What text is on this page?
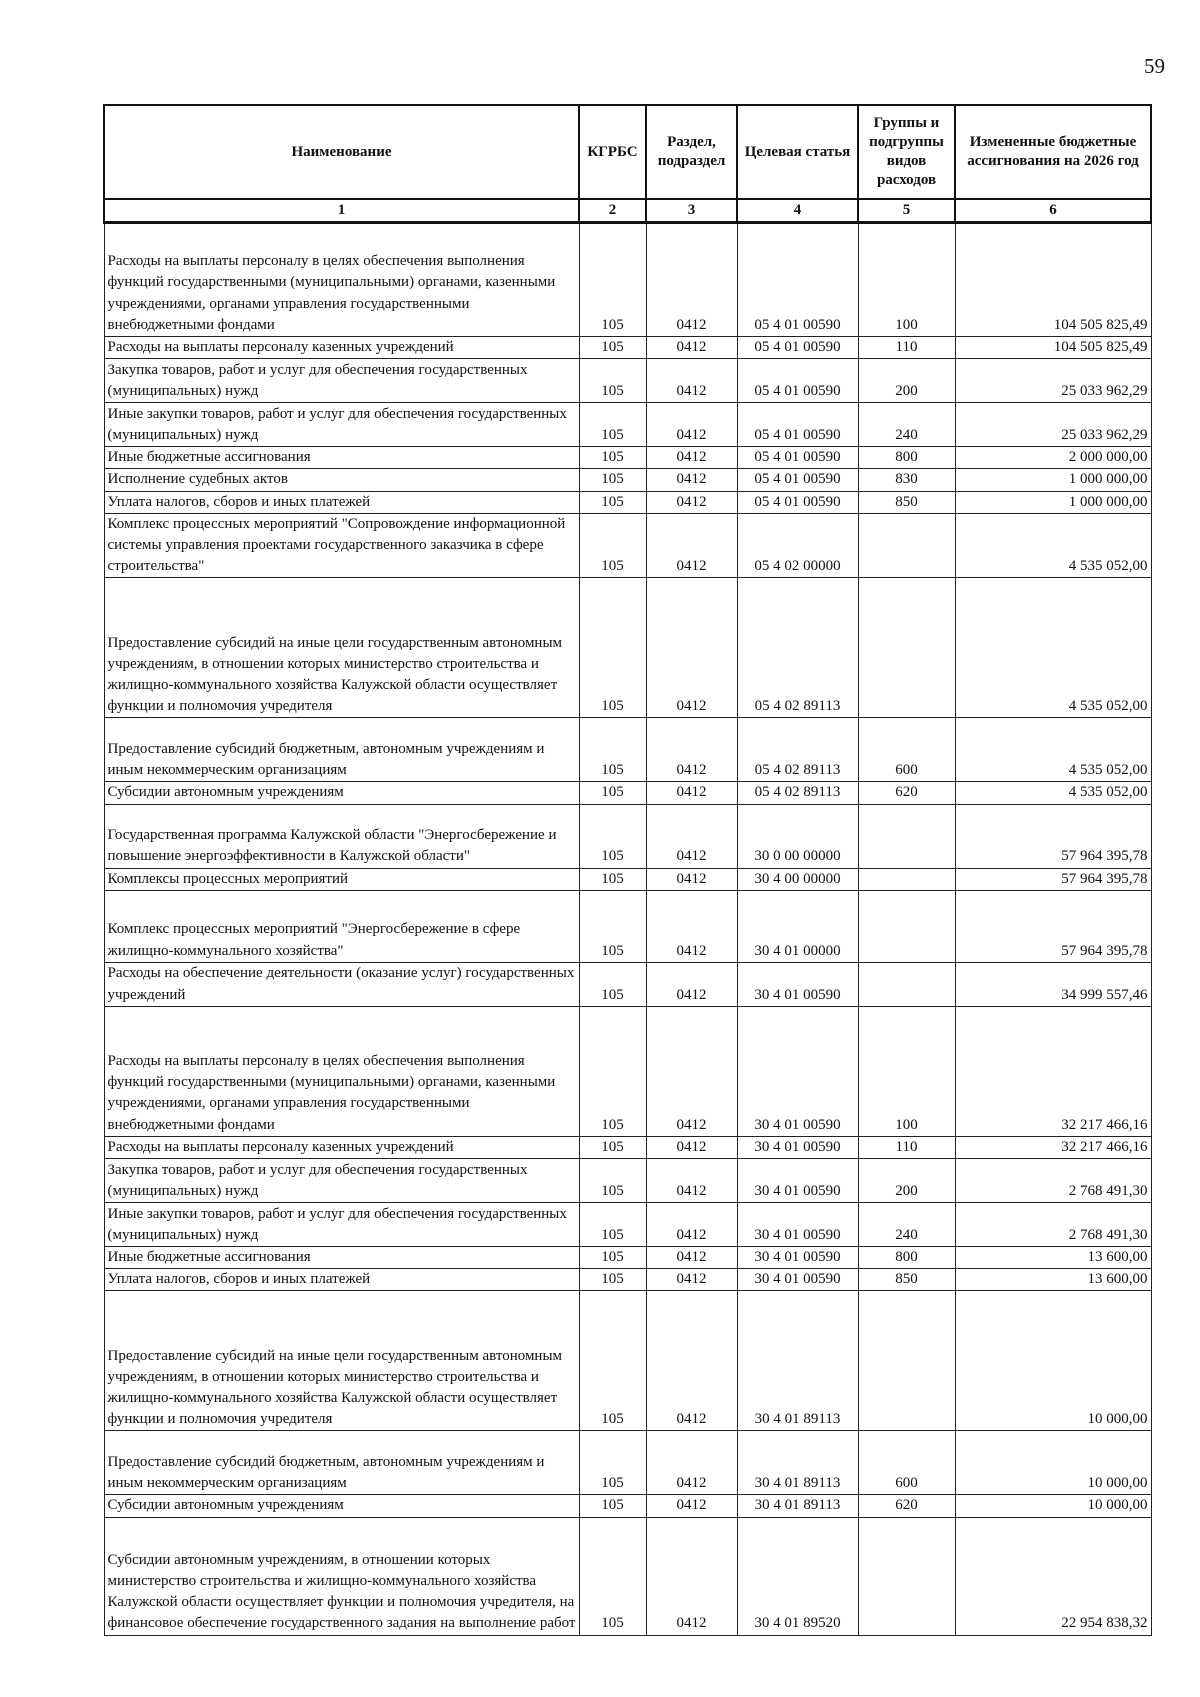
59
Наименование	КГРБС	Раздел, подраздел	Целевая статья	Группы и подгруппы видов расходов	Измененные бюджетные ассигнования на 2026 год
1	2	3	4	5	6
Расходы на выплаты персоналу в целях обеспечения выполнения функций государственными (муниципальными) органами, казенными учреждениями, органами управления государственными внебюджетными фондами	105	0412	05 4 01 00590	100	104 505 825,49
Расходы на выплаты персоналу казенных учреждений	105	0412	05 4 01 00590	110	104 505 825,49
Закупка товаров, работ и услуг для обеспечения государственных (муниципальных) нужд	105	0412	05 4 01 00590	200	25 033 962,29
Иные закупки товаров, работ и услуг для обеспечения государственных (муниципальных) нужд	105	0412	05 4 01 00590	240	25 033 962,29
Иные бюджетные ассигнования	105	0412	05 4 01 00590	800	2 000 000,00
Исполнение судебных актов	105	0412	05 4 01 00590	830	1 000 000,00
Уплата налогов, сборов и иных платежей	105	0412	05 4 01 00590	850	1 000 000,00
Комплекс процессных мероприятий "Сопровождение информационной системы управления проектами государственного заказчика в сфере строительства"	105	0412	05 4 02 00000		4 535 052,00
Предоставление субсидий на иные цели государственным автономным учреждениям, в отношении которых министерство строительства и жилищно-коммунального хозяйства Калужской области осуществляет функции и полномочия учредителя	105	0412	05 4 02 89113		4 535 052,00
Предоставление субсидий бюджетным, автономным учреждениям и иным некоммерческим организациям	105	0412	05 4 02 89113	600	4 535 052,00
Субсидии автономным учреждениям	105	0412	05 4 02 89113	620	4 535 052,00
Государственная программа Калужской области "Энергосбережение и повышение энергоэффективности в Калужской области"	105	0412	30 0 00 00000		57 964 395,78
Комплексы процессных мероприятий	105	0412	30 4 00 00000		57 964 395,78
Комплекс процессных мероприятий "Энергосбережение в сфере жилищно-коммунального хозяйства"	105	0412	30 4 01 00000		57 964 395,78
Расходы на обеспечение деятельности (оказание услуг) государственных учреждений	105	0412	30 4 01 00590		34 999 557,46
Расходы на выплаты персоналу в целях обеспечения выполнения функций государственными (муниципальными) органами, казенными учреждениями, органами управления государственными внебюджетными фондами	105	0412	30 4 01 00590	100	32 217 466,16
Расходы на выплаты персоналу казенных учреждений	105	0412	30 4 01 00590	110	32 217 466,16
Закупка товаров, работ и услуг для обеспечения государственных (муниципальных) нужд	105	0412	30 4 01 00590	200	2 768 491,30
Иные закупки товаров, работ и услуг для обеспечения государственных (муниципальных) нужд	105	0412	30 4 01 00590	240	2 768 491,30
Иные бюджетные ассигнования	105	0412	30 4 01 00590	800	13 600,00
Уплата налогов, сборов и иных платежей	105	0412	30 4 01 00590	850	13 600,00
Предоставление субсидий на иные цели государственным автономным учреждениям, в отношении которых министерство строительства и жилищно-коммунального хозяйства Калужской области осуществляет функции и полномочия учредителя	105	0412	30 4 01 89113		10 000,00
Предоставление субсидий бюджетным, автономным учреждениям и иным некоммерческим организациям	105	0412	30 4 01 89113	600	10 000,00
Субсидии автономным учреждениям	105	0412	30 4 01 89113	620	10 000,00
Субсидии автономным учреждениям, в отношении которых министерство строительства и жилищно-коммунального хозяйства Калужской области осуществляет функции и полномочия учредителя, на финансовое обеспечение государственного задания на выполнение работ	105	0412	30 4 01 89520		22 954 838,32
